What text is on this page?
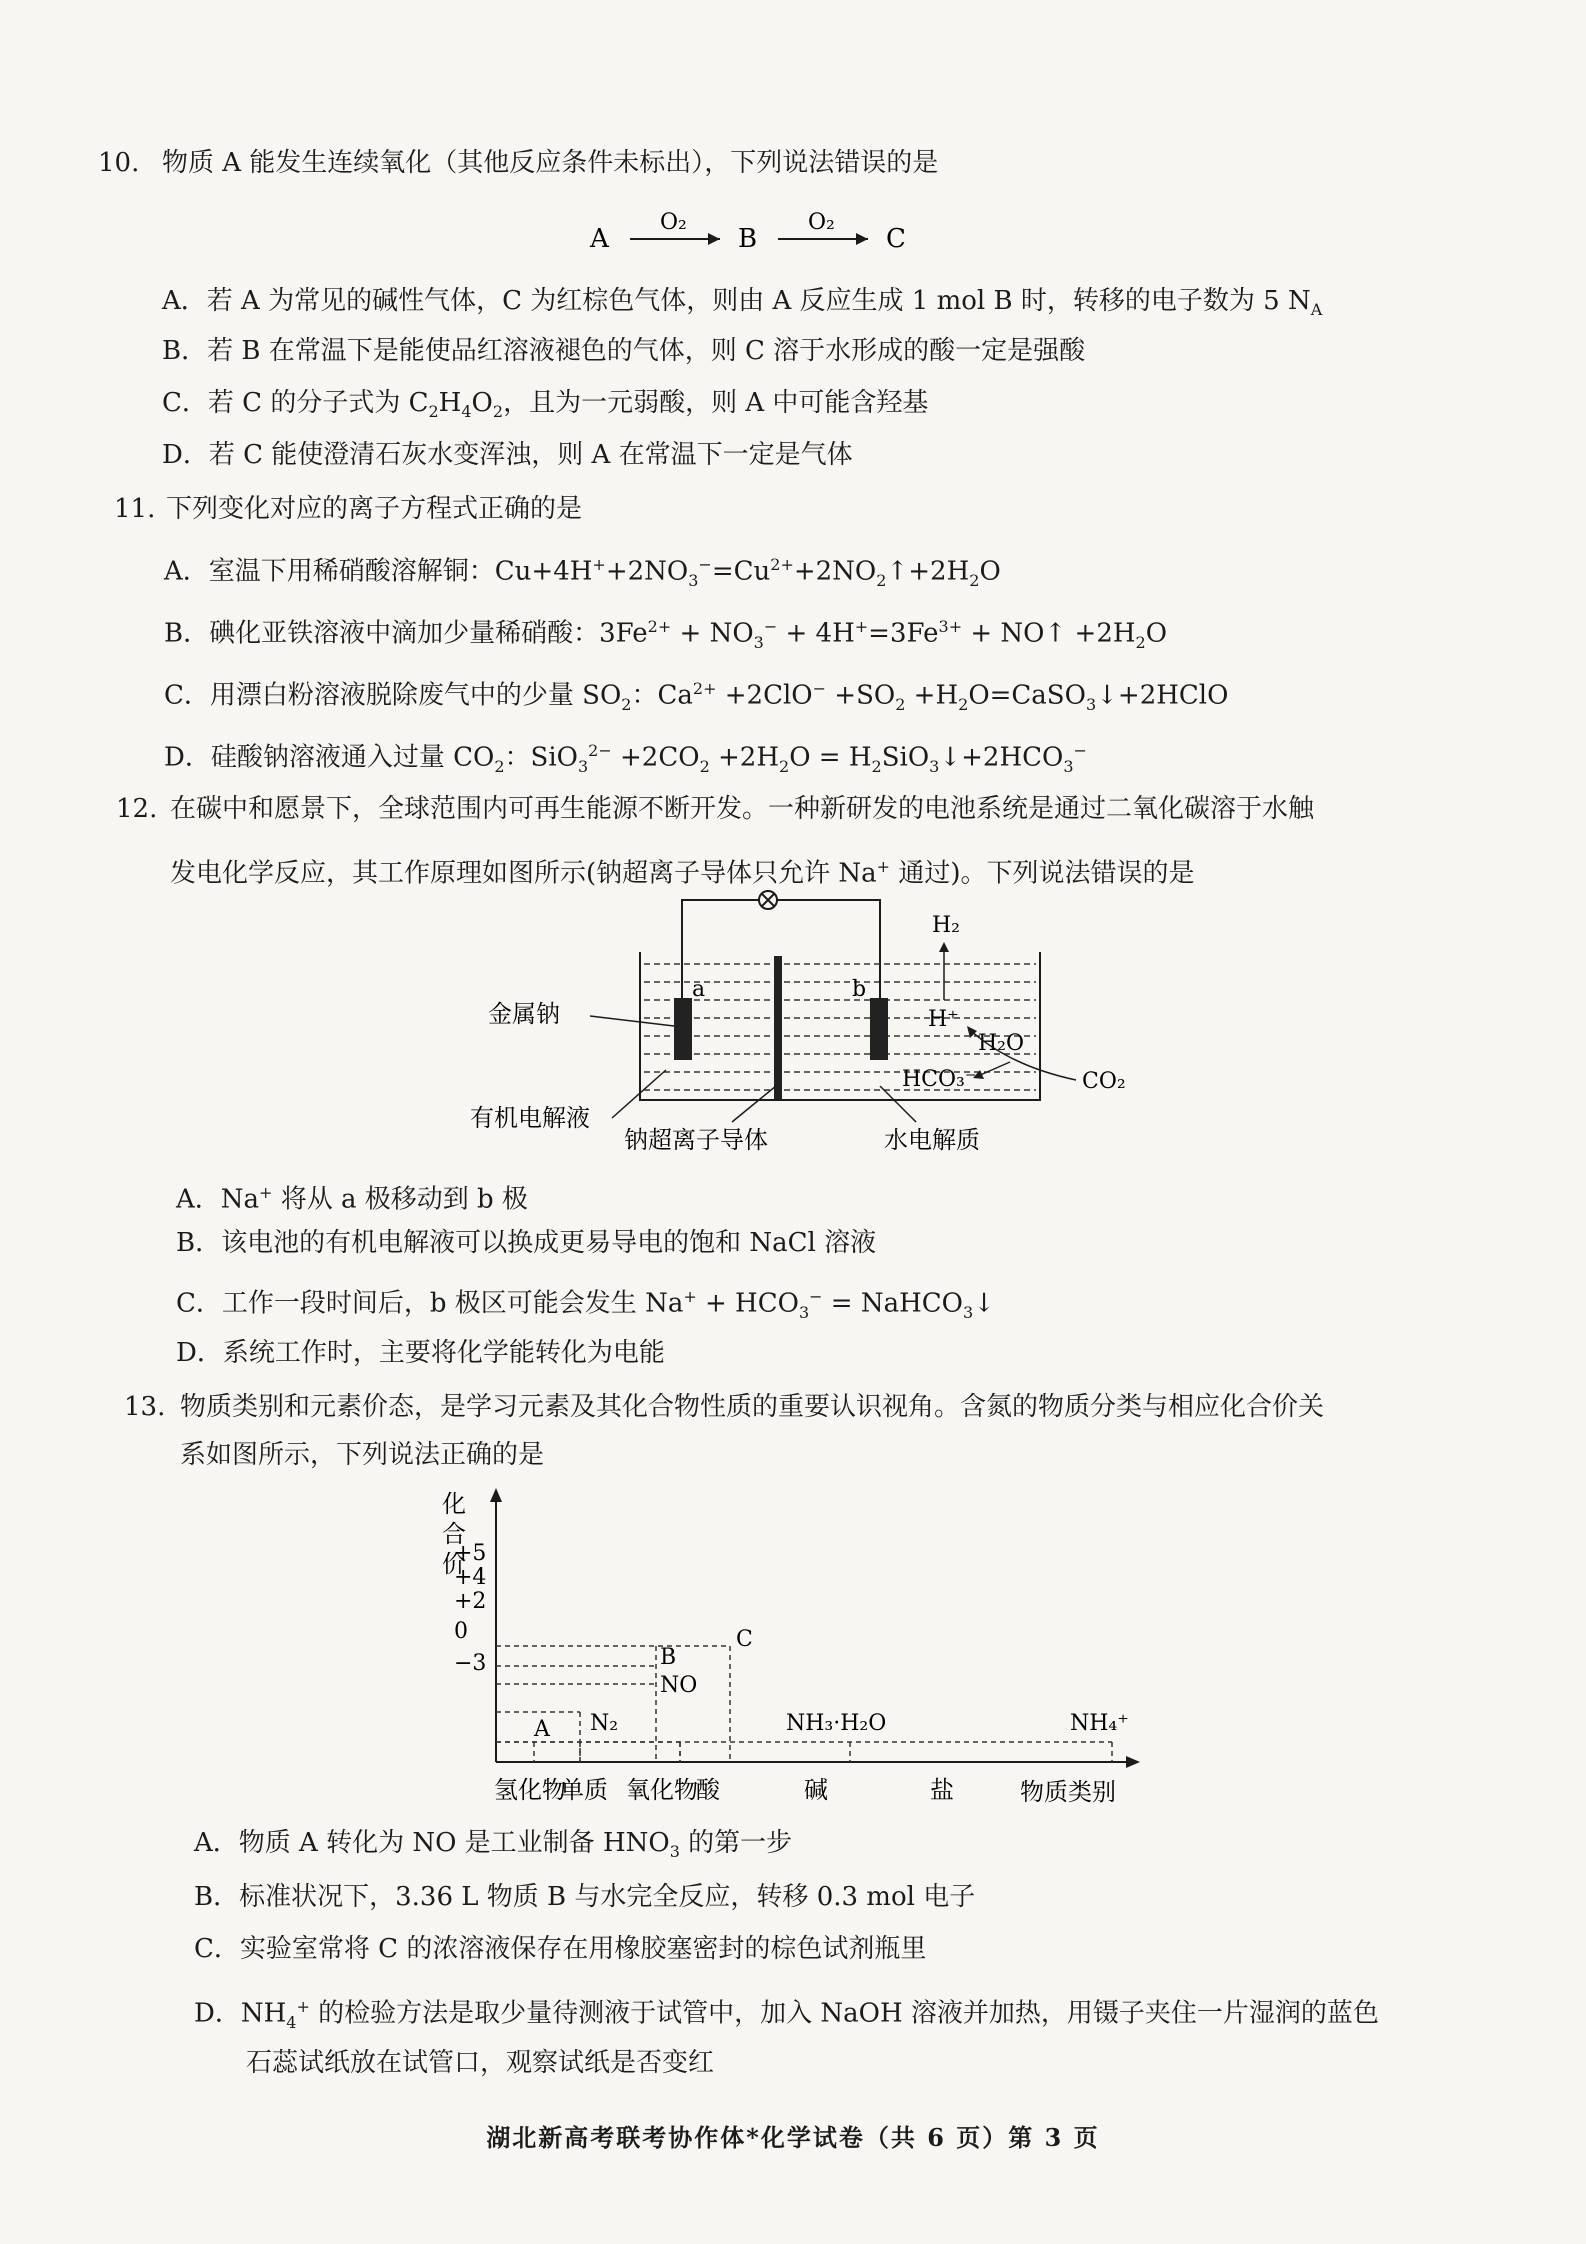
10. 物质 A 能发生连续氧化（其他反应条件未标出），下列说法错误的是
A
O₂
B
O₂
C
A．若 A 为常见的碱性气体，C 为红棕色气体，则由 A 反应生成 1 mol B 时，转移的电子数为 5 $N_A$
B．若 B 在常温下是能使品红溶液褪色的气体，则 C 溶于水形成的酸一定是强酸
C．若 C 的分子式为 $C_2H_4O_2$，且为一元弱酸，则 A 中可能含羟基
D．若 C 能使澄清石灰水变浑浊，则 A 在常温下一定是气体
11. 下列变化对应的离子方程式正确的是
A．室温下用稀硝酸溶解铜：$Cu+4H^++2NO_3^-=Cu^{2+}+2NO_2↑+2H_2O$
B．碘化亚铁溶液中滴加少量稀硝酸：$3Fe^{2+} + NO_3^- + 4H^+=3Fe^{3+}$ + NO↑ $+2H_2O$
C．用漂白粉溶液脱除废气中的少量 $SO_2$：$Ca^{2+} +2ClO^- +SO_2$ $+H_2O=CaSO_3↓+2HClO$
D．硅酸钠溶液通入过量 $CO_2$：$SiO_3^{2-} +2CO_2 +2H_2O$ = $H_2SiO_3↓+2HCO_3^-$
12. 在碳中和愿景下，全球范围内可再生能源不断开发。一种新研发的电池系统是通过二氧化碳溶于水触
发电化学反应，其工作原理如图所示(钠超离子导体只允许 Na+ 通过)。下列说法错误的是
a	b
金属钠
有机电解液
钠超离子导体	水电解质
H₂
H⁺
H₂O
HCO₃⁻	CO₂
A．Na+ 将从 a 极移动到 b 极
B．该电池的有机电解液可以换成更易导电的饱和 NaCl 溶液
C．工作一段时间后，b 极区可能会发生 $Na^+ + HCO_3^-$ = NaHCO$_3$↓
D．系统工作时，主要将化学能转化为电能
13. 物质类别和元素价态，是学习元素及其化合物性质的重要认识视角。含氮的物质分类与相应化合价关
系如图所示，下列说法正确的是
化
合
价
+5
+4
+2
0
−3
氢化物
单质 氧化物
酸	碱	盐
A N₂
NO
B
C
NH₃·H₂O	NH₄⁺
物质类别
A．物质 A 转化为 NO 是工业制备 $HNO_3$ 的第一步
B．标准状况下，3.36 L 物质 B 与水完全反应，转移 0.3 mol 电子
C．实验室常将 C 的浓溶液保存在用橡胶塞密封的棕色试剂瓶里
D．$NH_4^+$ 的检验方法是取少量待测液于试管中，加入 NaOH 溶液并加热，用镊子夹住一片湿润的蓝色
石蕊试纸放在试管口，观察试纸是否变红
湖北新高考联考协作体*化学试卷（共 6 页）第 3 页
